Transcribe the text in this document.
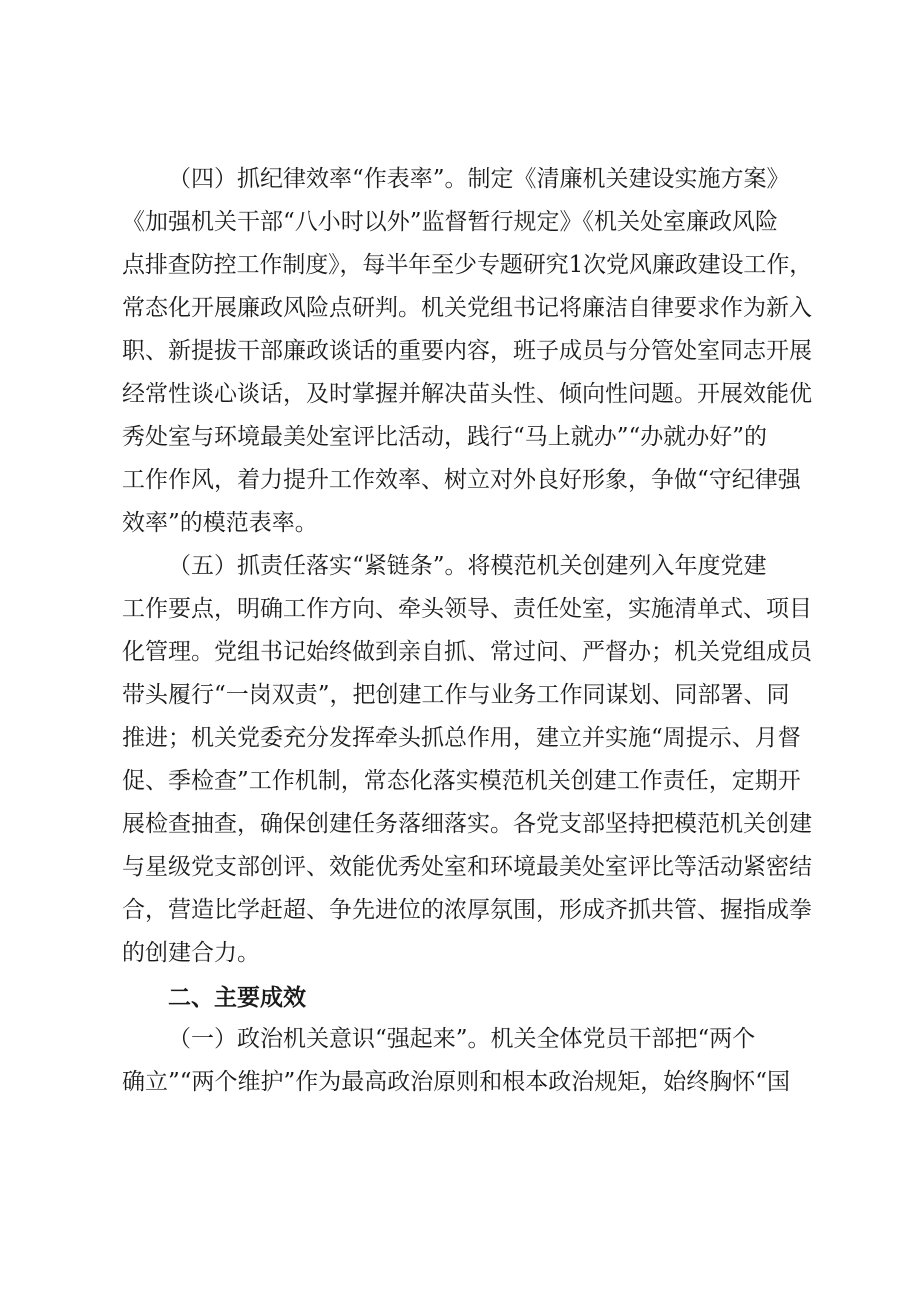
（四）抓纪律效率“作表率”。制定《清廉机关建设实施方案》
《加强机关干部“八小时以外”监督暂行规定》《机关处室廉政风险
点排查防控工作制度》，每半年至少专题研究1次党风廉政建设工作，
常态化开展廉政风险点研判。机关党组书记将廉洁自律要求作为新入
职、新提拔干部廉政谈话的重要内容，班子成员与分管处室同志开展
经常性谈心谈话，及时掌握并解决苗头性、倾向性问题。开展效能优
秀处室与环境最美处室评比活动，践行“马上就办”“办就办好”的
工作作风，着力提升工作效率、树立对外良好形象，争做“守纪律强
效率”的模范表率。
（五）抓责任落实“紧链条”。将模范机关创建列入年度党建
工作要点，明确工作方向、牵头领导、责任处室，实施清单式、项目
化管理。党组书记始终做到亲自抓、常过问、严督办；机关党组成员
带头履行“一岗双责”，把创建工作与业务工作同谋划、同部署、同
推进；机关党委充分发挥牵头抓总作用，建立并实施“周提示、月督
促、季检查”工作机制，常态化落实模范机关创建工作责任，定期开
展检查抽查，确保创建任务落细落实。各党支部坚持把模范机关创建
与星级党支部创评、效能优秀处室和环境最美处室评比等活动紧密结
合，营造比学赶超、争先进位的浓厚氛围，形成齐抓共管、握指成拳
的创建合力。
二、主要成效
（一）政治机关意识“强起来”。机关全体党员干部把“两个
确立”“两个维护”作为最高政治原则和根本政治规矩，始终胸怀“国
